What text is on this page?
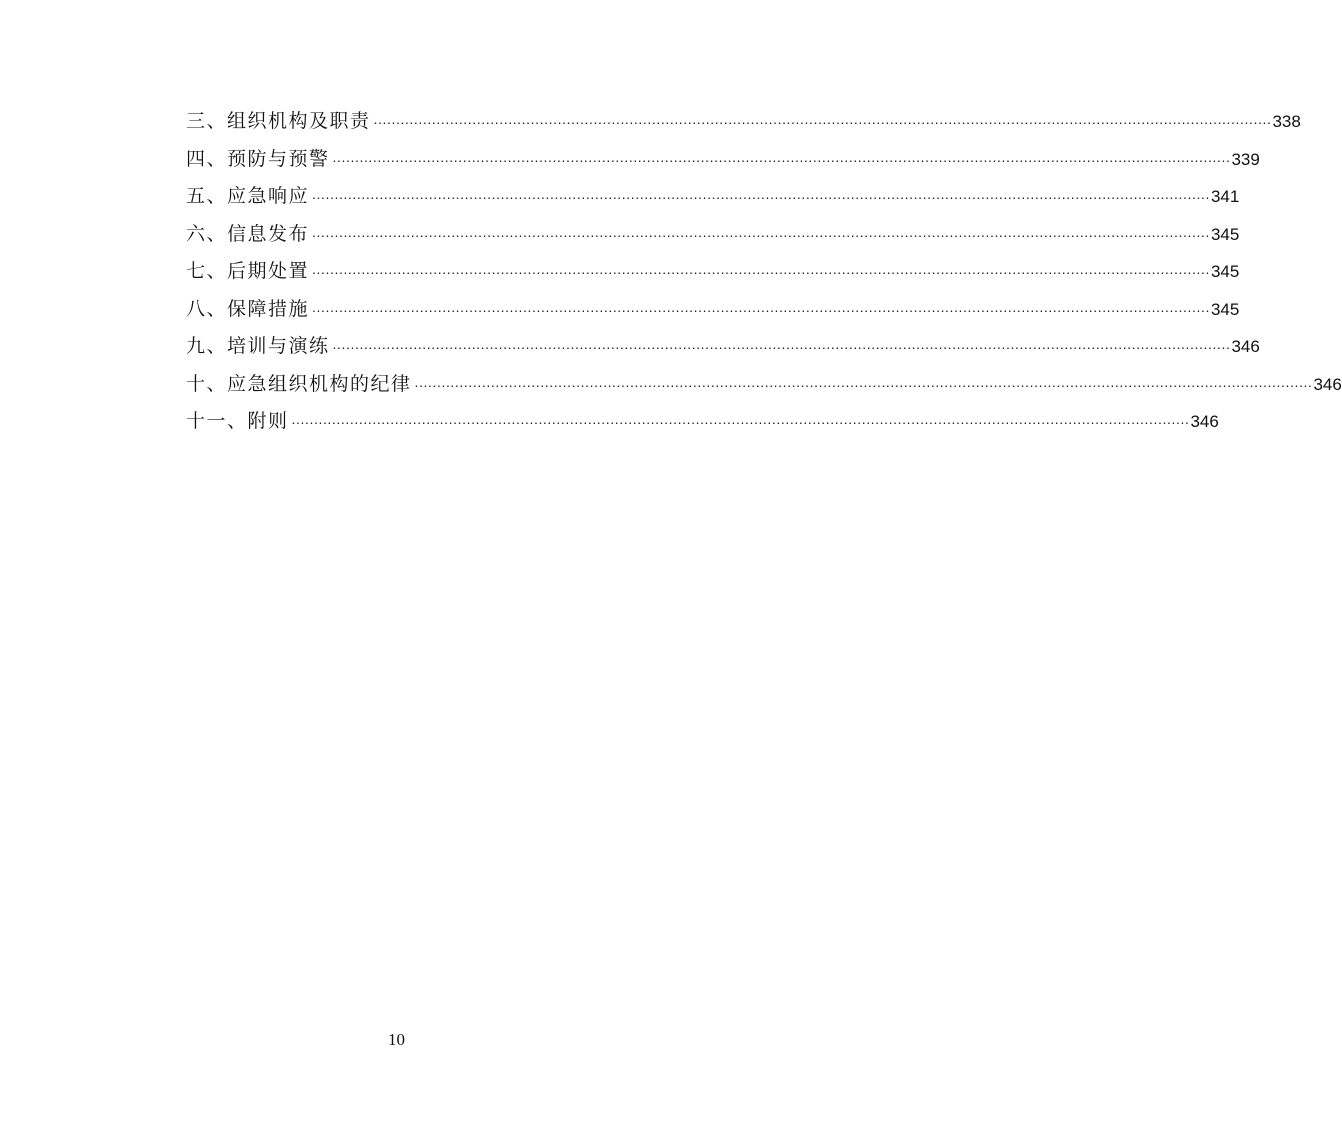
三、组织机构及职责 ........................................................................................................................................................................................................ 338
四、预防与预警 ........................................................................................................................................................................................................ 339
五、应急响应 ........................................................................................................................................................................................................ 341
六、信息发布 ........................................................................................................................................................................................................ 345
七、后期处置 ........................................................................................................................................................................................................ 345
八、保障措施 ........................................................................................................................................................................................................ 345
九、培训与演练 ........................................................................................................................................................................................................ 346
十、应急组织机构的纪律 ........................................................................................................................................................................................................ 346
十一、附则 ........................................................................................................................................................................................................ 346
10
